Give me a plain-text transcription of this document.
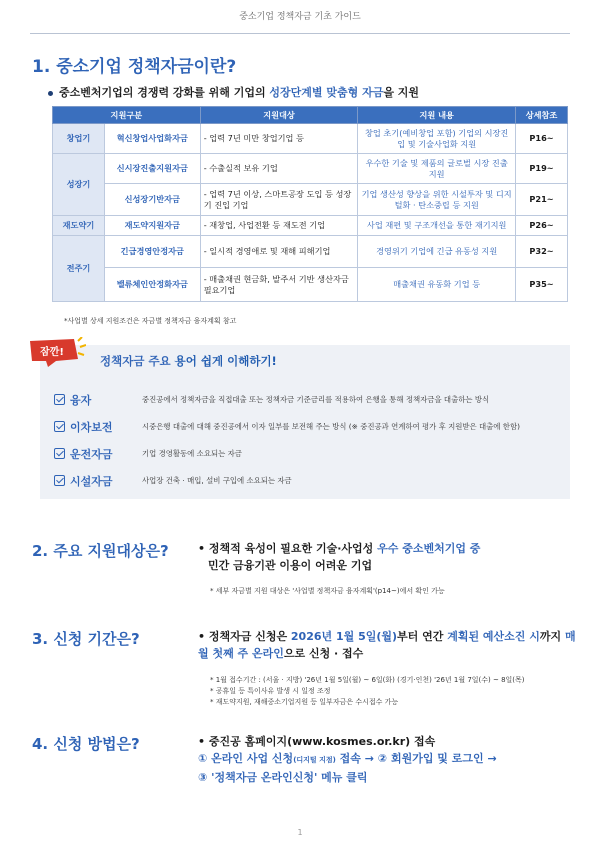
중소기업 정책자금 기초 가이드
1. 중소기업 정책자금이란?
중소벤처기업의 경쟁력 강화를 위해 기업의 성장단계별 맞춤형 자금을 지원
지원구분		지원대상	지원 내용	상세참조
창업기	혁신창업사업화자금	- 업력 7년 미만 창업기업 등	창업 초기(예비창업 포함) 기업의 시장진입 및 기술사업화 지원	P16~
성장기	신시장진출지원자금	- 수출실적 보유 기업	우수한 기술 및 제품의 글로벌 시장 진출 지원	P19~
	신성장기반자금	- 업력 7년 이상, 스마트공장 도입 등 성장기 진입 기업	기업 생산성 향상을 위한 시설투자 및 디지털화 · 탄소중립 등 지원	P21~
재도약기	재도약지원자금	- 재창업, 사업전환 등 재도전 기업	사업 재편 및 구조개선을 통한 재기지원	P26~
전주기	긴급경영안정자금	- 일시적 경영애로 및 재해 피해기업	경영위기 기업에 긴급 유동성 지원	P32~
	밸류체인안정화자금	- 매출채권 현금화, 발주서 기반 생산자금 필요기업	매출채권 유동화 기업 등	P35~
*사업별 상세 지원조건은 자금별 정책자금 융자계획 참고
잠깐!
정책자금 주요 용어 쉽게 이해하기!
융자	중진공에서 정책자금을 직접대출 또는 정책자금 기준금리를 적용하여 은행을 통해 정책자금을 대출하는 방식
이차보전	시중은행 대출에 대해 중진공에서 이자 일부를 보전해 주는 방식 (※ 중진공과 연계하여 평가 후 지원받은 대출에 한함)
운전자금	기업 경영활동에 소요되는 자금
시설자금	사업장 건축 · 매입, 설비 구입에 소요되는 자금
2. 주요 지원대상은?	• 정책적 육성이 필요한 기술·사업성 우수 중소벤처기업 중
민간 금융기관 이용이 어려운 기업
* 세부 자금별 지원 대상은 '사업별 정책자금 융자계획'(p14~)에서 확인 가능
3. 신청 기간은?	• 정책자금 신청은 2026년 1월 5일(월)부터 연간 계획된 예산소진 시까지 매월 첫째 주 온라인으로 신청 · 접수
* 1월 접수기간 : (서울 · 지방) '26년 1월 5일(월) ~ 6일(화) (경기·인천) '26년 1월 7일(수) ~ 8일(목)
* 공휴일 등 특이사유 발생 시 일정 조정
* 재도약지원, 재해중소기업지원 등 일부자금은 수시접수 가능
4. 신청 방법은?	• 중진공 홈페이지(www.kosmes.or.kr) 접속
① 온라인 사업 신청(디지털 지점) 접속 → ② 회원가입 및 로그인 →
③ '정책자금 온라인신청' 메뉴 클릭
1
